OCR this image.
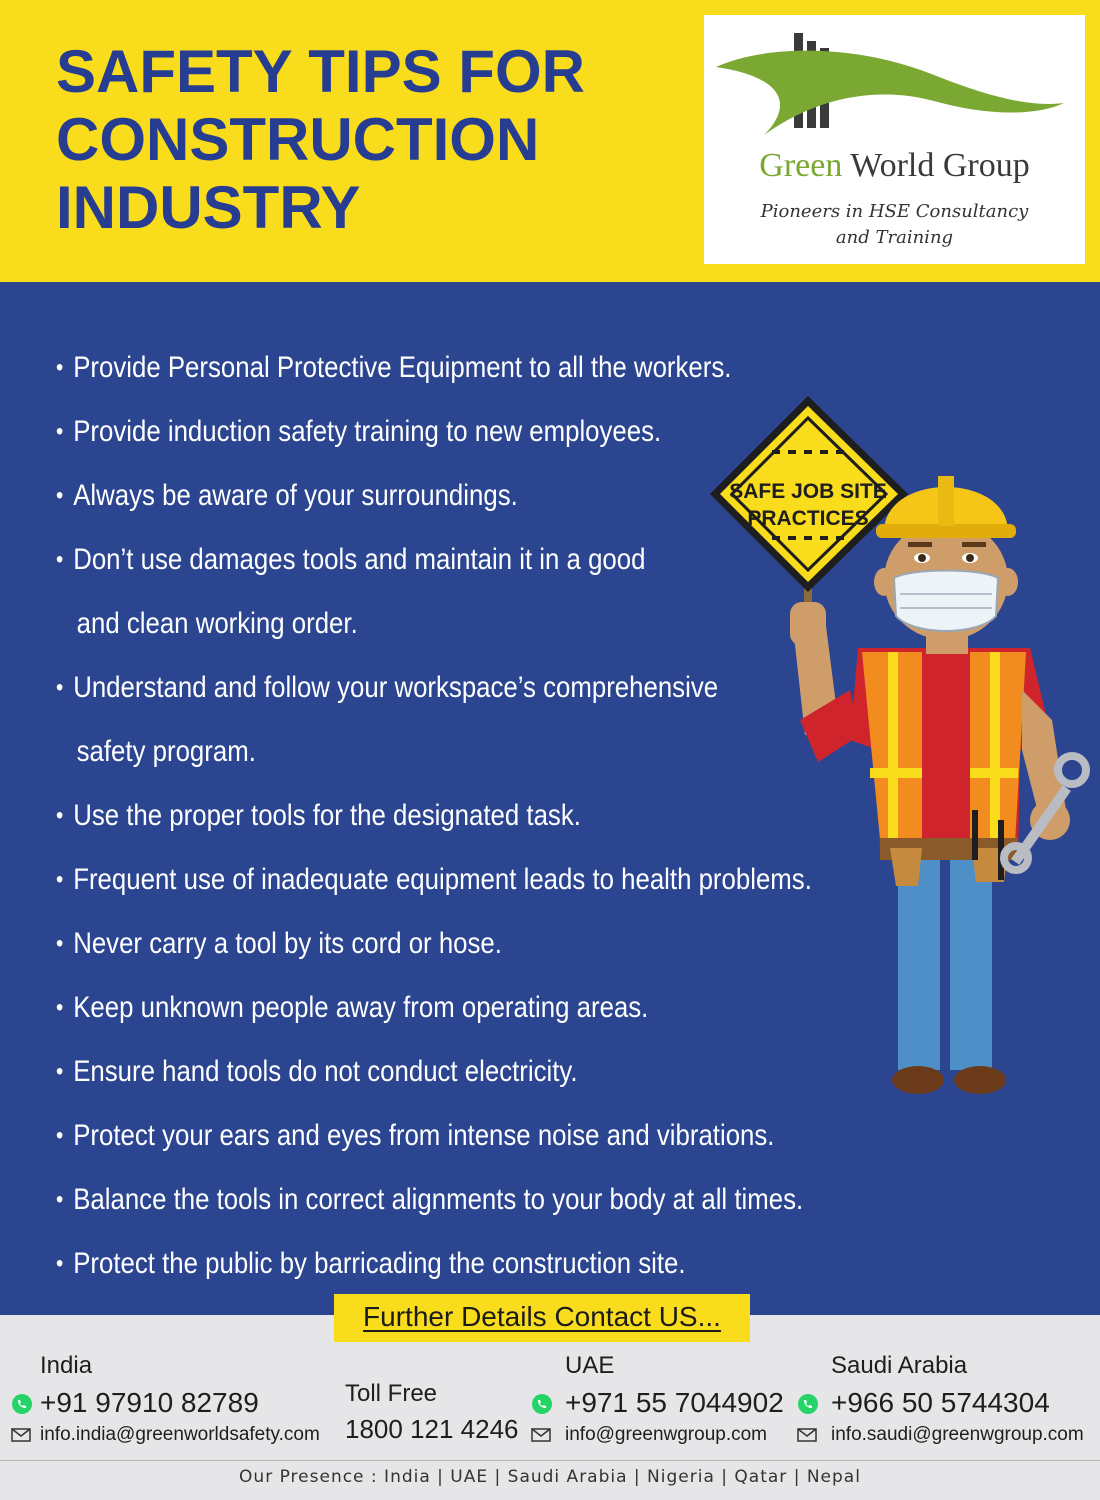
SAFETY TIPS FOR
CONSTRUCTION
INDUSTRY
Green World Group
Pioneers in HSE Consultancy
and Training
• Provide Personal Protective Equipment to all the workers.
• Provide induction safety training to new employees.
• Always be aware of your surroundings.
• Don’t use damages tools and maintain it in a good
and clean working order.
• Understand and follow your workspace’s comprehensive
safety program.
• Use the proper tools for the designated task.
• Frequent use of inadequate equipment leads to health problems.
• Never carry a tool by its cord or hose.
• Keep unknown people away from operating areas.
• Ensure hand tools do not conduct electricity.
• Protect your ears and eyes from intense noise and vibrations.
• Balance the tools in correct alignments to your body at all times.
• Protect the public by barricading the construction site.
SAFE JOB SITE
PRACTICES
Further Details Contact US...
India
+91 97910 82789
info.india@greenworldsafety.com
Toll Free
1800 121 4246
UAE
+971 55 7044902
info@greenwgroup.com
Saudi Arabia
+966 50 5744304
info.saudi@greenwgroup.com
Our Presence : India | UAE | Saudi Arabia | Nigeria | Qatar | Nepal
